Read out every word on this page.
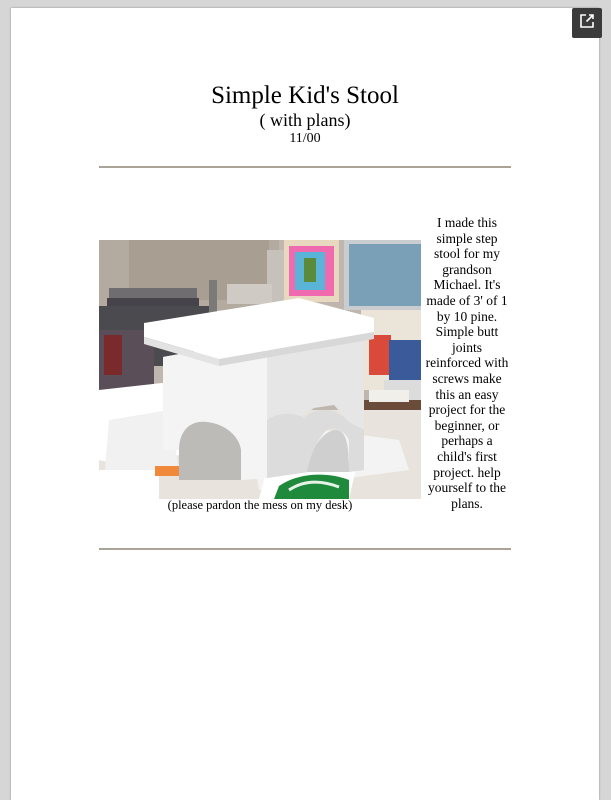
Simple Kid's Stool
( with plans)
11/00
(please pardon the mess on my desk)
I made this simple step stool for my grandson Michael. It's made of 3' of 1 by 10 pine. Simple butt joints reinforced with screws make this an easy project for the beginner, or perhaps a child's first project. help yourself to the plans.
